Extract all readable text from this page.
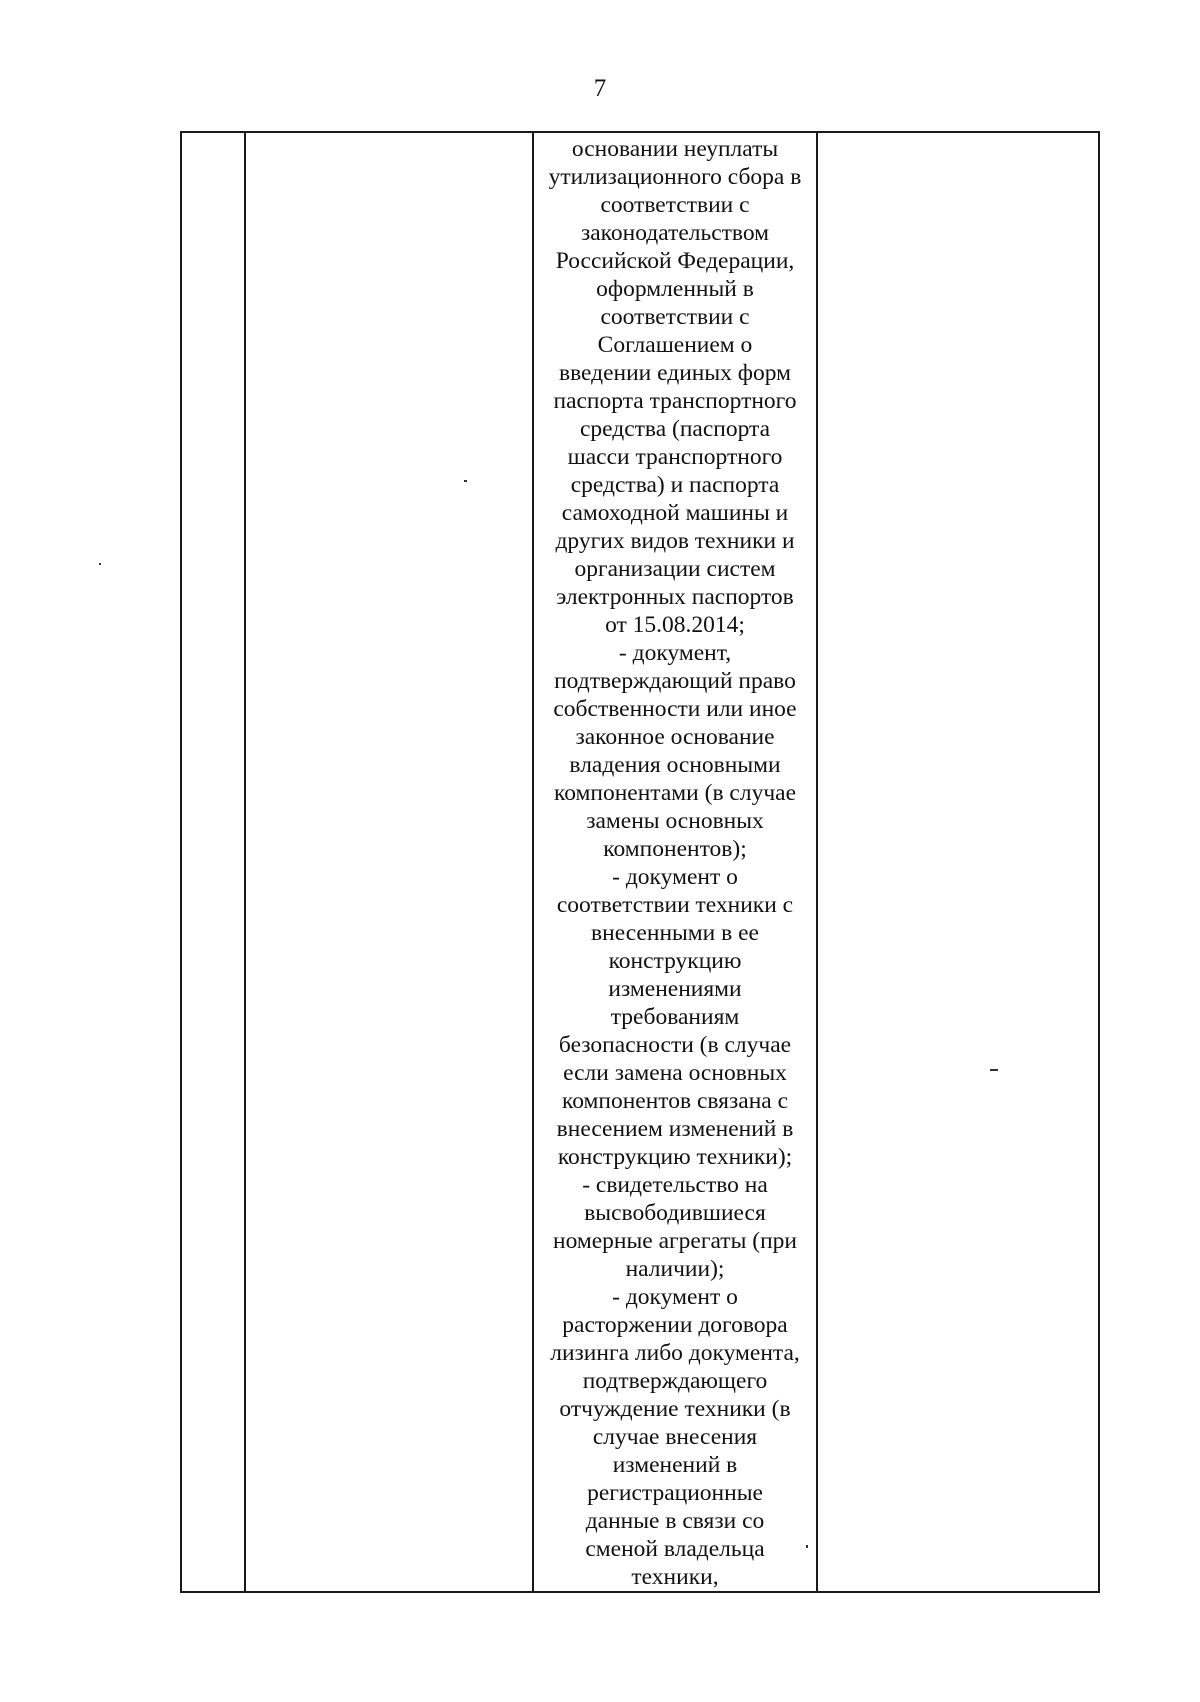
7

основании неуплаты
утилизационного сбора в
соответствии с
законодательством
Российской Федерации,
оформленный в
соответствии с
Соглашением о
введении единых форм
паспорта транспортного
средства (паспорта
шасси транспортного
средства) и паспорта
самоходной машины и
других видов техники и
организации систем
электронных паспортов
от 15.08.2014;
- документ,
подтверждающий право
собственности или иное
законное основание
владения основными
компонентами (в случае
замены основных
компонентов);
- документ о
соответствии техники с
внесенными в ее
конструкцию
изменениями
требованиям
безопасности (в случае
если замена основных
компонентов связана с
внесением изменений в
конструкцию техники);
- свидетельство на
высвободившиеся
номерные агрегаты (при
наличии);
- документ о
расторжении договора
лизинга либо документа,
подтверждающего
отчуждение техники (в
случае внесения
изменений в
регистрационные
данные в связи со
сменой владельца
техники,
